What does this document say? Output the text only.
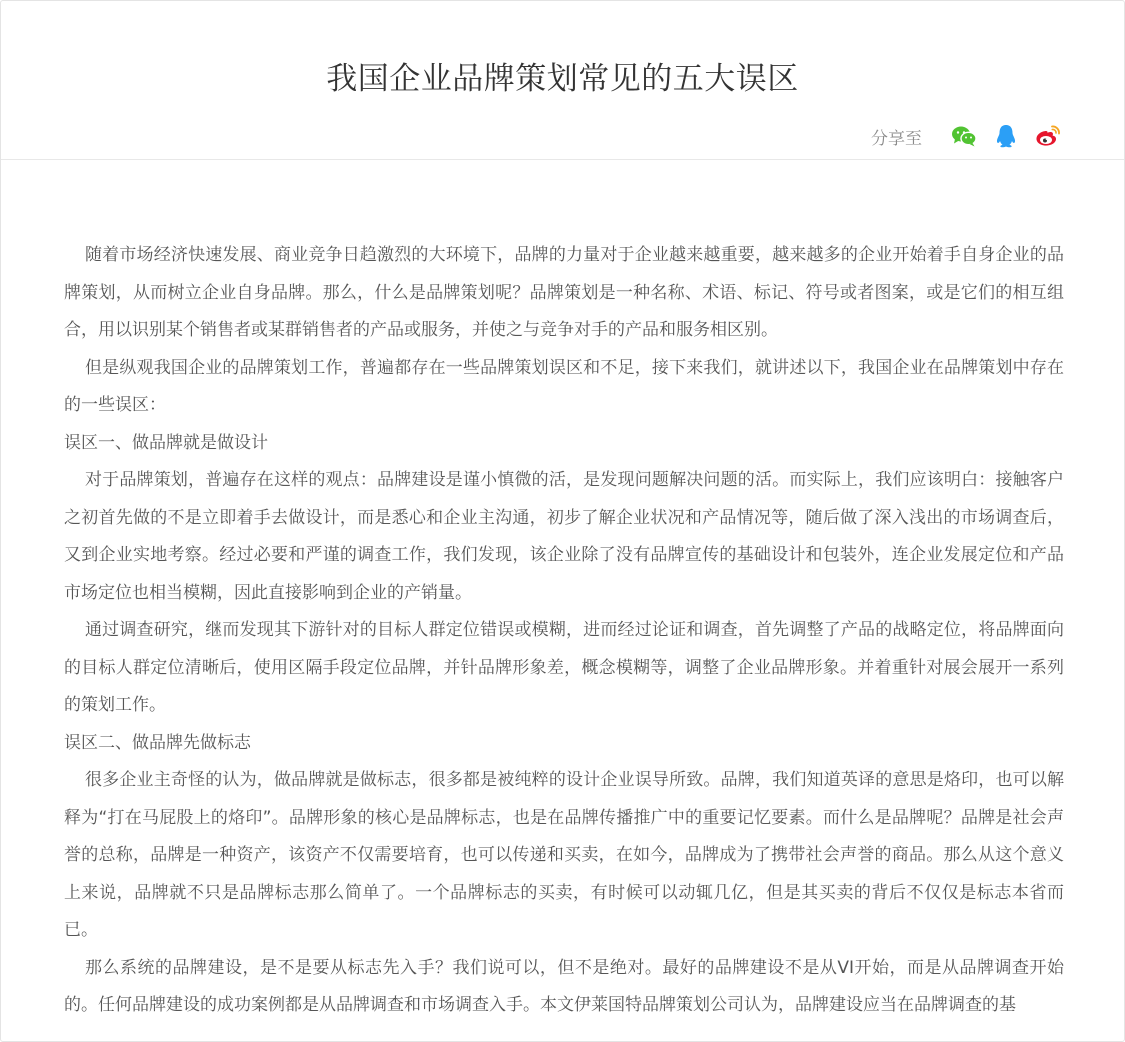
我国企业品牌策划常见的五大误区
分享至

随着市场经济快速发展、商业竞争日趋激烈的大环境下，品牌的力量对于企业越来越重要，越来越多的企业开始着手自身企业的品牌策划，从而树立企业自身品牌。那么，什么是品牌策划呢？品牌策划是一种名称、术语、标记、符号或者图案，或是它们的相互组合，用以识别某个销售者或某群销售者的产品或服务，并使之与竞争对手的产品和服务相区别。

但是纵观我国企业的品牌策划工作，普遍都存在一些品牌策划误区和不足，接下来我们，就讲述以下，我国企业在品牌策划中存在的一些误区：

误区一、做品牌就是做设计

对于品牌策划，普遍存在这样的观点：品牌建设是谨小慎微的活，是发现问题解决问题的活。而实际上，我们应该明白：接触客户之初首先做的不是立即着手去做设计，而是悉心和企业主沟通，初步了解企业状况和产品情况等，随后做了深入浅出的市场调查后，又到企业实地考察。经过必要和严谨的调查工作，我们发现，该企业除了没有品牌宣传的基础设计和包装外，连企业发展定位和产品市场定位也相当模糊，因此直接影响到企业的产销量。

通过调查研究，继而发现其下游针对的目标人群定位错误或模糊，进而经过论证和调查，首先调整了产品的战略定位，将品牌面向的目标人群定位清晰后，使用区隔手段定位品牌，并针品牌形象差，概念模糊等，调整了企业品牌形象。并着重针对展会展开一系列的策划工作。

误区二、做品牌先做标志

很多企业主奇怪的认为，做品牌就是做标志，很多都是被纯粹的设计企业误导所致。品牌，我们知道英译的意思是烙印，也可以解释为“打在马屁股上的烙印”。品牌形象的核心是品牌标志，也是在品牌传播推广中的重要记忆要素。而什么是品牌呢？品牌是社会声誉的总称，品牌是一种资产，该资产不仅需要培育，也可以传递和买卖，在如今，品牌成为了携带社会声誉的商品。那么从这个意义上来说，品牌就不只是品牌标志那么简单了。一个品牌标志的买卖，有时候可以动辄几亿，但是其买卖的背后不仅仅是标志本省而已。

那么系统的品牌建设，是不是要从标志先入手？我们说可以，但不是绝对。最好的品牌建设不是从VI开始，而是从品牌调查开始的。任何品牌建设的成功案例都是从品牌调查和市场调查入手。本文伊莱国特品牌策划公司认为，品牌建设应当在品牌调查的基
